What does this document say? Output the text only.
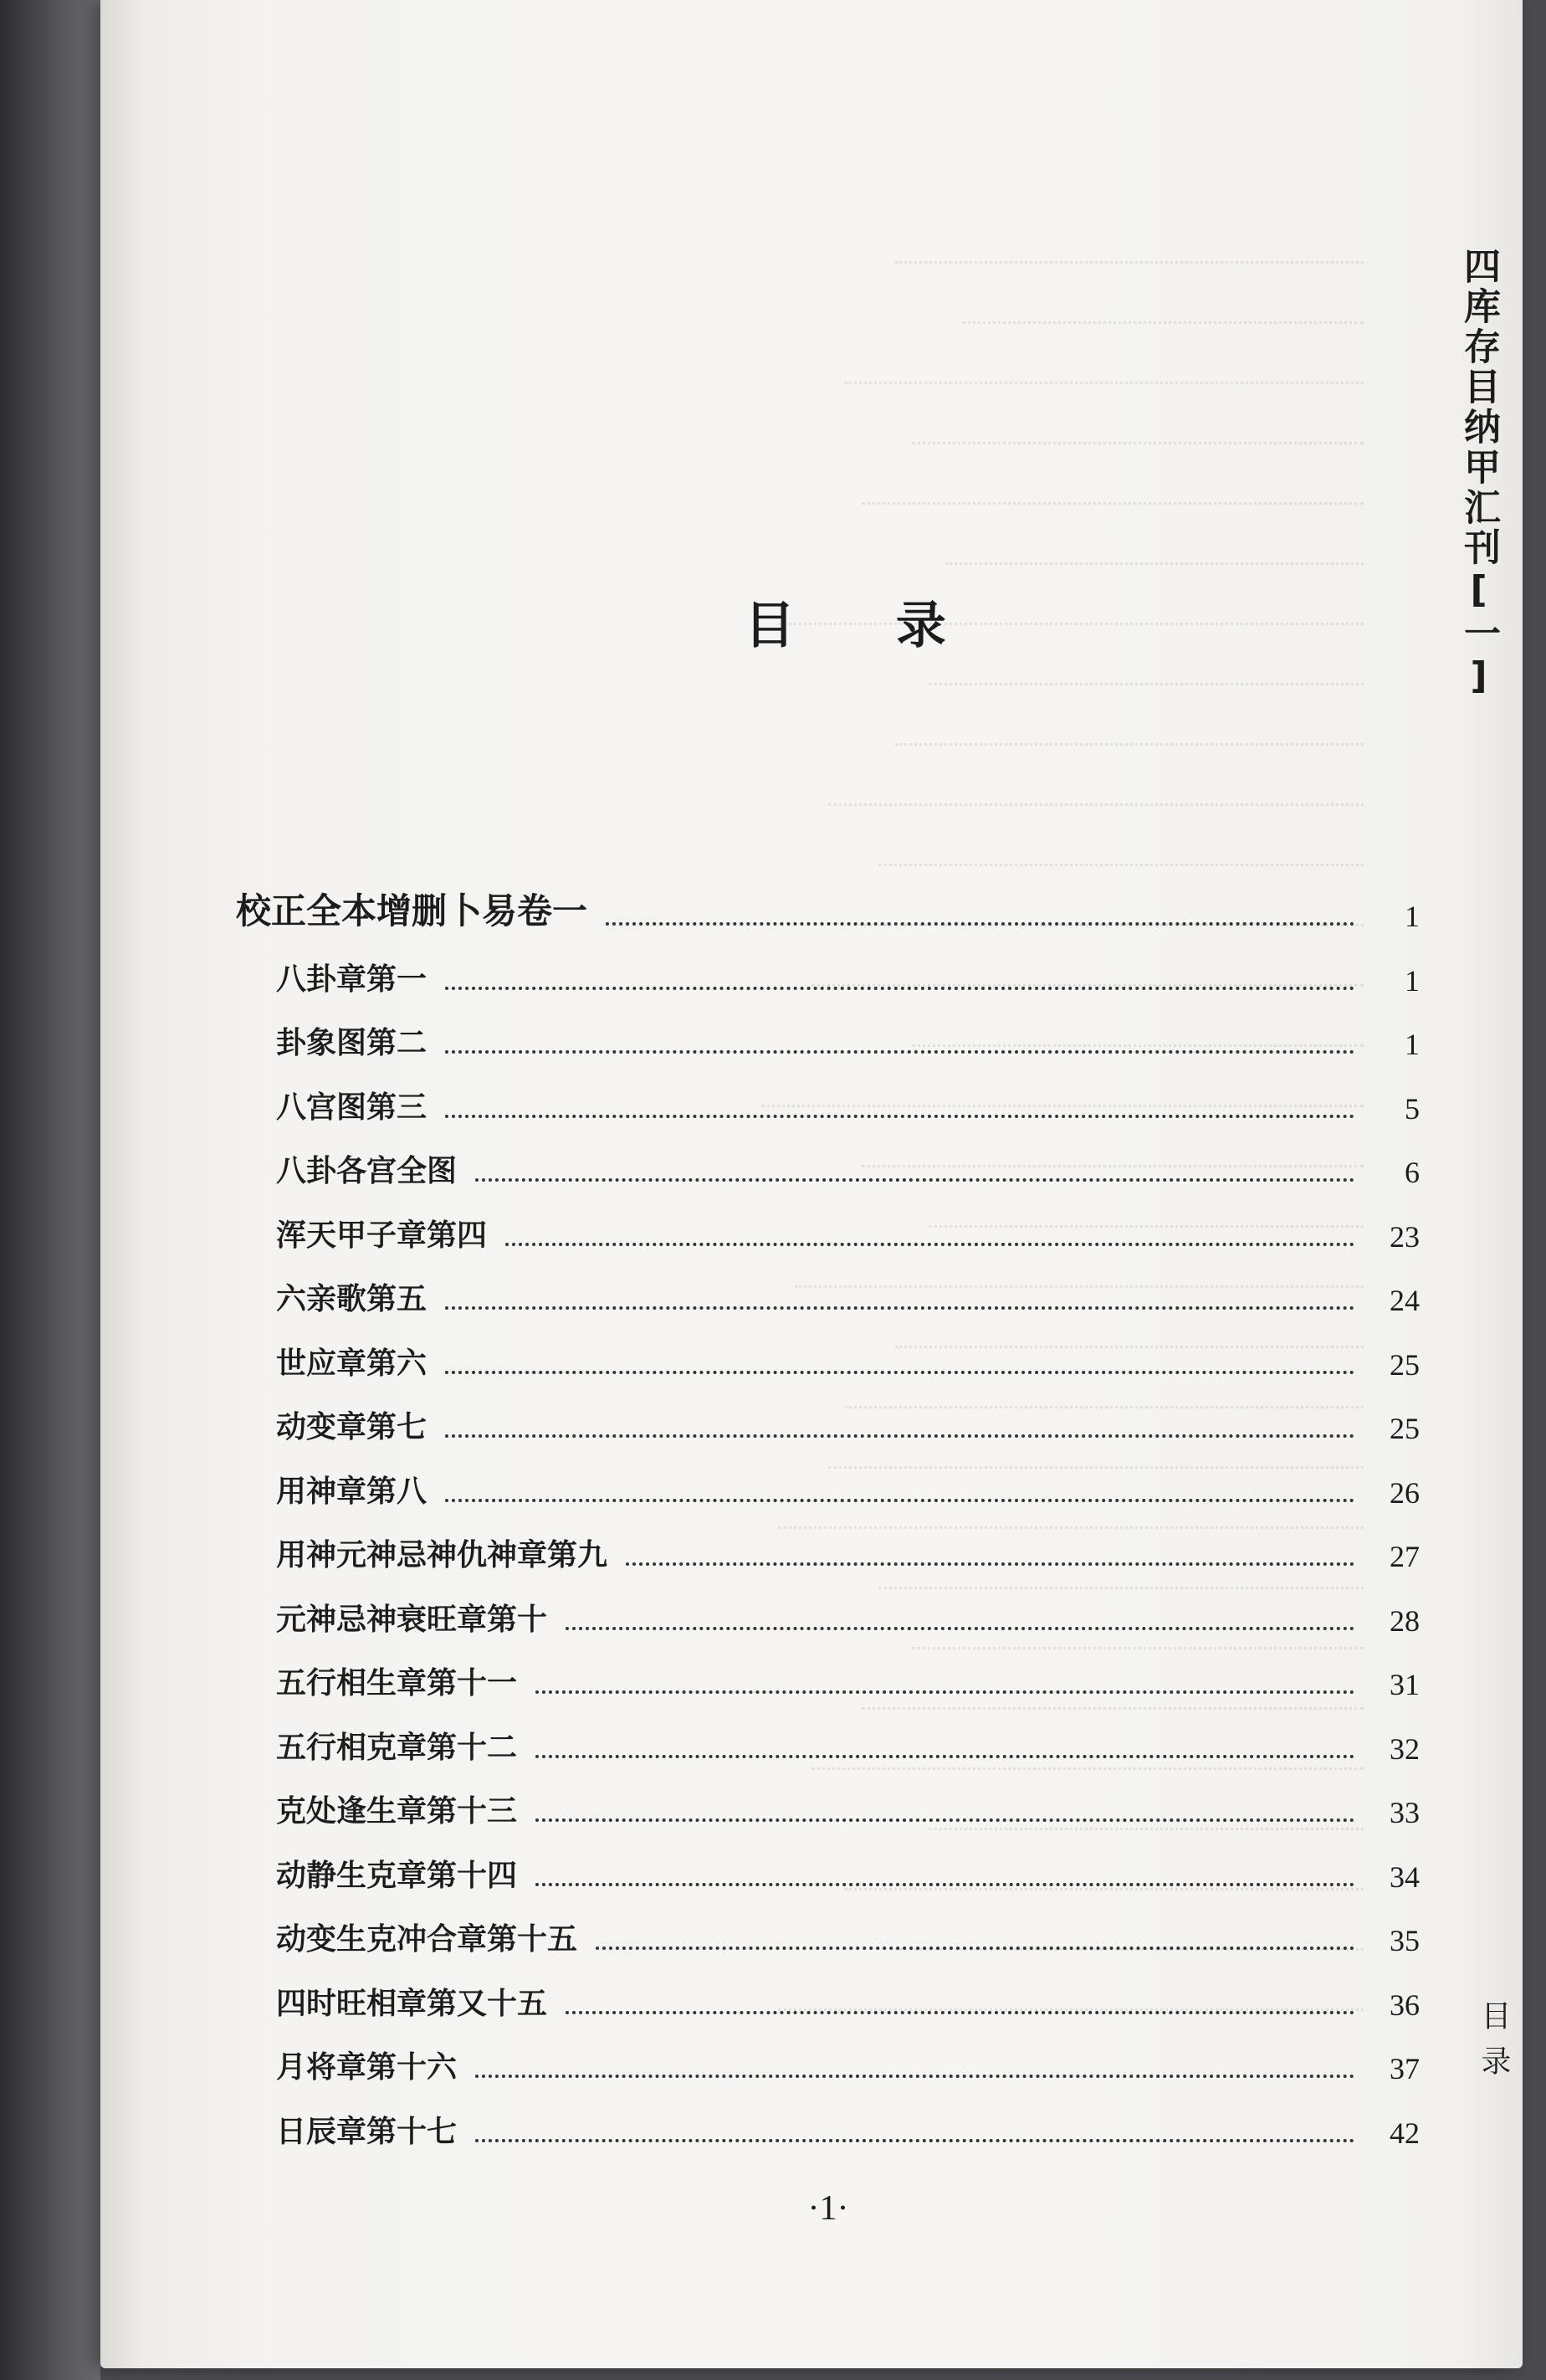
四库存目纳甲汇刊[一]
目 录
校正全本增删卜易卷一	1
八卦章第一	1
卦象图第二	1
八宫图第三	5
八卦各宫全图	6
浑天甲子章第四	23
六亲歌第五	24
世应章第六	25
动变章第七	25
用神章第八	26
用神元神忌神仇神章第九	27
元神忌神衰旺章第十	28
五行相生章第十一	31
五行相克章第十二	32
克处逢生章第十三	33
动静生克章第十四	34
动变生克冲合章第十五	35
四时旺相章第又十五	36
月将章第十六	37
日辰章第十七	42
目录
·1·
